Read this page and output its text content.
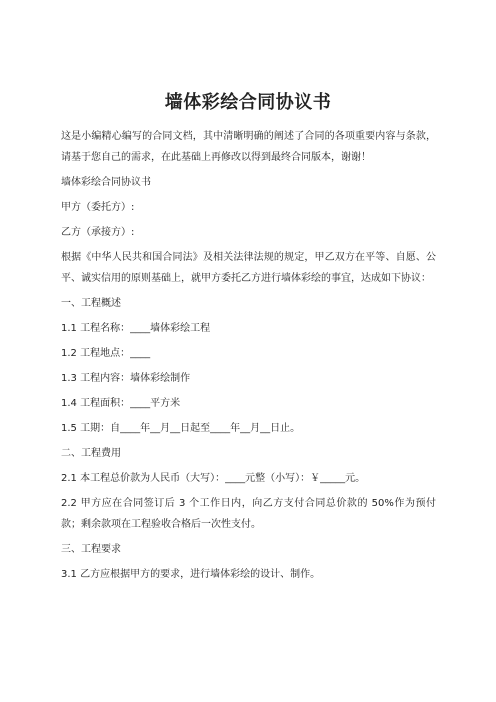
墙体彩绘合同协议书

这是小编精心编写的合同文档，其中清晰明确的阐述了合同的各项重要内容与条款，请基于您自己的需求，在此基础上再修改以得到最终合同版本，谢谢！

墙体彩绘合同协议书

甲方（委托方）:

乙方（承接方）:

根据《中华人民共和国合同法》及相关法律法规的规定，甲乙双方在平等、自愿、公平、诚实信用的原则基础上，就甲方委托乙方进行墙体彩绘的事宜，达成如下协议：

一、工程概述

1.1 工程名称：____墙体彩绘工程

1.2 工程地点：____

1.3 工程内容：墙体彩绘制作

1.4 工程面积：____平方米

1.5 工期：自____年__月__日起至____年__月__日止。

二、工程费用

2.1 本工程总价款为人民币（大写）：____元整（小写）：￥_____元。

2.2 甲方应在合同签订后 3 个工作日内，向乙方支付合同总价款的 50%作为预付款；剩余款项在工程验收合格后一次性支付。

三、工程要求

3.1 乙方应根据甲方的要求，进行墙体彩绘的设计、制作。
